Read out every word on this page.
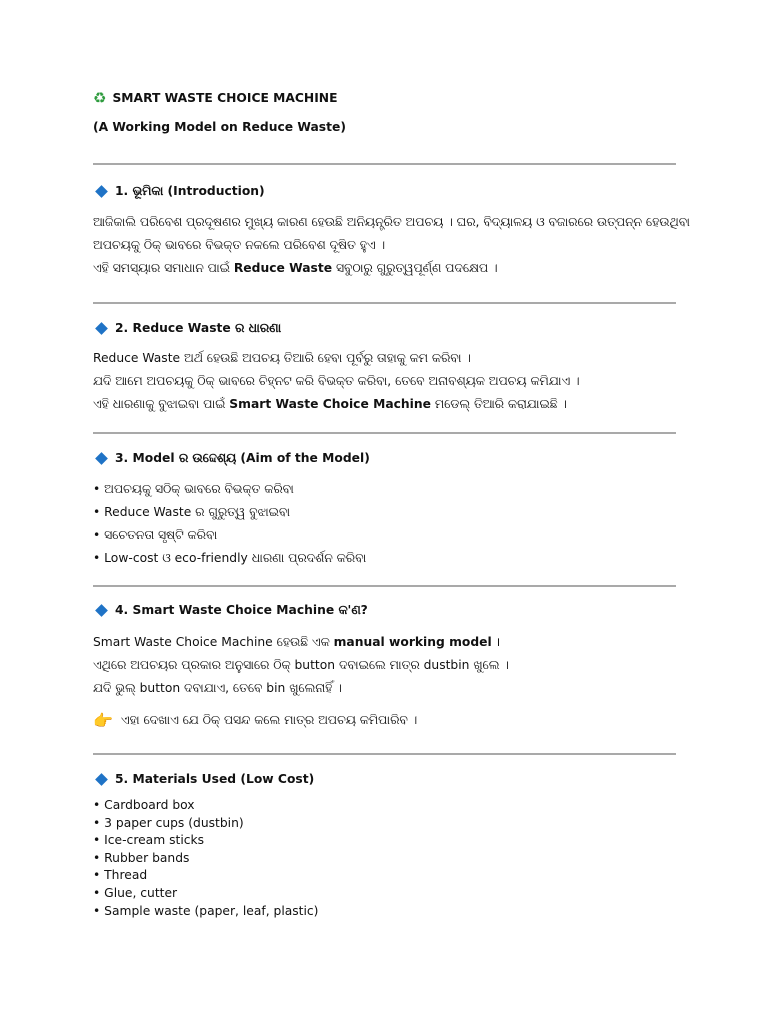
♻ SMART WASTE CHOICE MACHINE
(A Working Model on Reduce Waste)
1. ଭୂମିକା (Introduction)
ଆଜିକାଲି ପରିବେଶ ପ୍ରଦୂଷଣର ମୁଖ୍ୟ କାରଣ ହେଉଛି ଅନିୟନ୍ତ୍ରିତ ଅପଚୟ । ଘର, ବିଦ୍ୟାଳୟ ଓ ବଜାରରେ ଉତ୍ପନ୍ନ ହେଉଥିବା
ଅପଚୟକୁ ଠିକ୍ ଭାବରେ ବିଭକ୍ତ ନକଲେ ପରିବେଶ ଦୂଷିତ ହୁଏ ।
ଏହି ସମସ୍ୟାର ସମାଧାନ ପାଇଁ Reduce Waste ସବୁଠାରୁ ଗୁରୁତ୍ୱପୂର୍ଣ୍ଣ ପଦକ୍ଷେପ ।
2. Reduce Waste ର ଧାରଣା
Reduce Waste ଅର୍ଥ ହେଉଛି ଅପଚୟ ତିଆରି ହେବା ପୂର୍ବରୁ ତାହାକୁ କମ କରିବା ।
ଯଦି ଆମେ ଅପଚୟକୁ ଠିକ୍ ଭାବରେ ଚିହ୍ନଟ କରି ବିଭକ୍ତ କରିବା, ତେବେ ଅନାବଶ୍ୟକ ଅପଚୟ କମିଯାଏ ।
ଏହି ଧାରଣାକୁ ବୁଝାଇବା ପାଇଁ Smart Waste Choice Machine ମଡେଲ୍ ତିଆରି କରାଯାଇଛି ।
3. Model ର ଉଦ୍ଦେଶ୍ୟ (Aim of the Model)
• ଅପଚୟକୁ ସଠିକ୍ ଭାବରେ ବିଭକ୍ତ କରିବା
• Reduce Waste ର ଗୁରୁତ୍ୱ ବୁଝାଇବା
• ସଚେତନତା ସୃଷ୍ଟି କରିବା
• Low-cost ଓ eco-friendly ଧାରଣା ପ୍ରଦର୍ଶନ କରିବା
4. Smart Waste Choice Machine କ'ଣ?
Smart Waste Choice Machine ହେଉଛି ଏକ manual working model ।
ଏଥିରେ ଅପଚୟର ପ୍ରକାର ଅନୁସାରେ ଠିକ୍ button ଦବାଇଲେ ମାତ୍ର dustbin ଖୁଲେ ।
ଯଦି ଭୁଲ୍ button ଦବାଯାଏ, ତେବେ bin ଖୁଲେନାହିଁ ।
👉 ଏହା ଦେଖାଏ ଯେ ଠିକ୍ ପସନ୍ଦ କଲେ ମାତ୍ର ଅପଚୟ କମିପାରିବ ।
5. Materials Used (Low Cost)
• Cardboard box
• 3 paper cups (dustbin)
• Ice-cream sticks
• Rubber bands
• Thread
• Glue, cutter
• Sample waste (paper, leaf, plastic)
